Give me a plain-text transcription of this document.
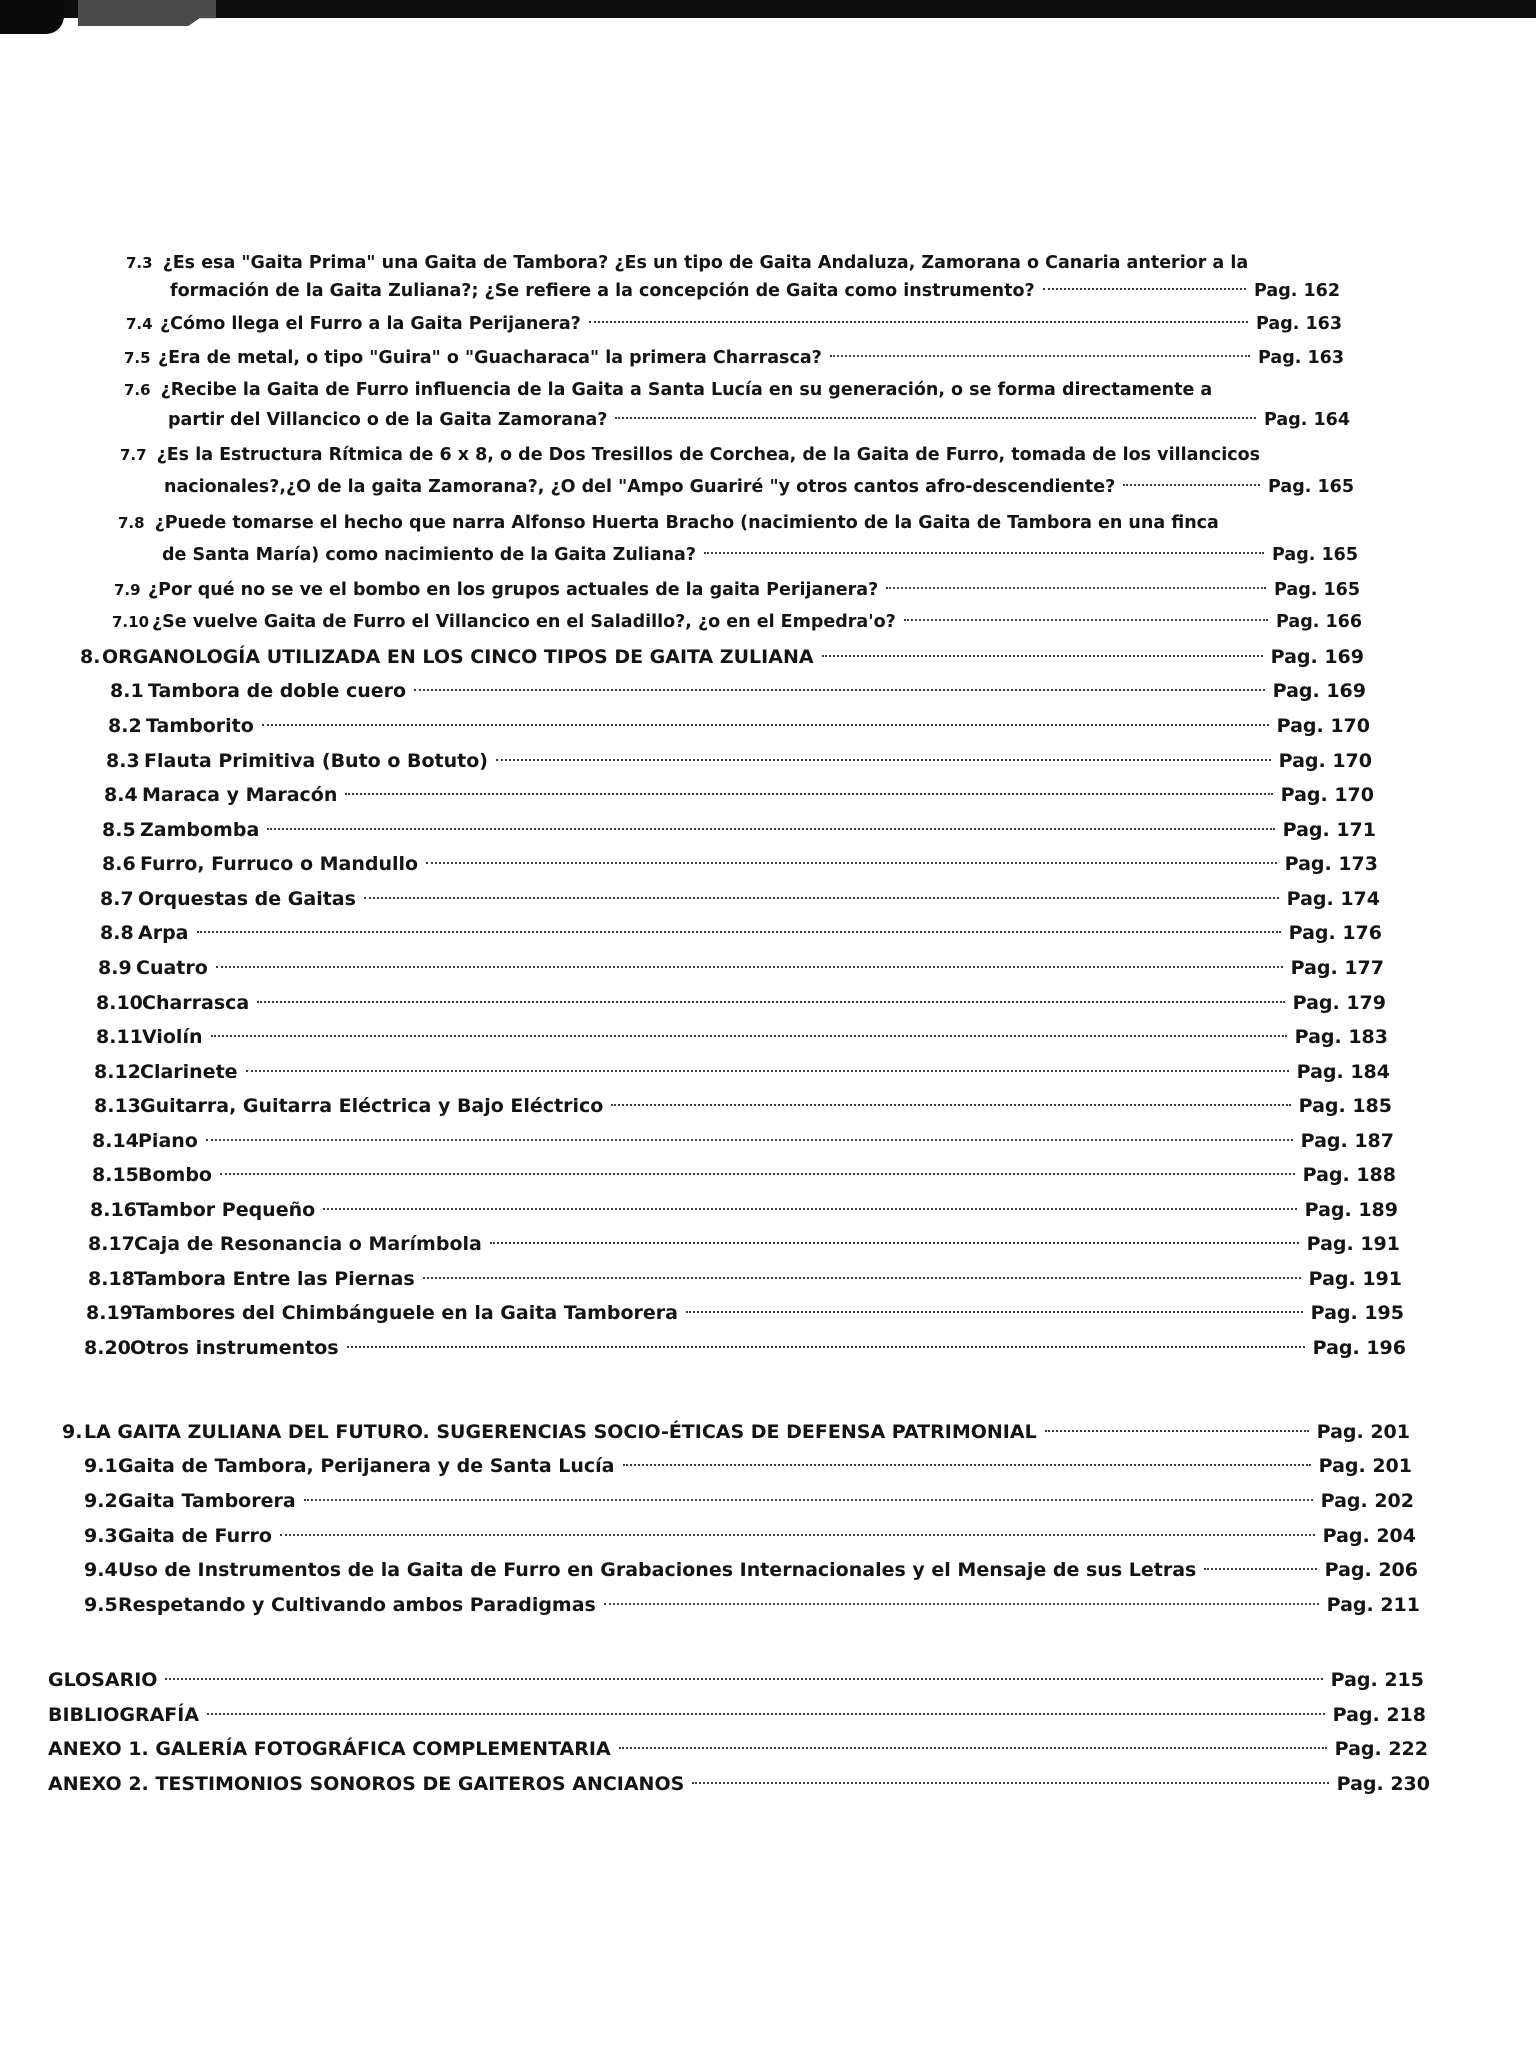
7.3 ¿Es esa "Gaita Prima" una Gaita de Tambora? ¿Es un tipo de Gaita Andaluza, Zamorana o Canaria anterior a la
formación de la Gaita Zuliana?; ¿Se refiere a la concepción de Gaita como instrumento?	Pag. 162
7.4 ¿Cómo llega el Furro a la Gaita Perijanera?	Pag. 163
7.5 ¿Era de metal, o tipo "Guira" o "Guacharaca" la primera Charrasca?	Pag. 163
7.6 ¿Recibe la Gaita de Furro influencia de la Gaita a Santa Lucía en su generación, o se forma directamente a
partir del Villancico o de la Gaita Zamorana?	Pag. 164
7.7 ¿Es la Estructura Rítmica de 6 x 8, o de Dos Tresillos de Corchea, de la Gaita de Furro, tomada de los villancicos
nacionales?,¿O de la gaita Zamorana?, ¿O del "Ampo Guariré "y otros cantos afro-descendiente?	Pag. 165
7.8 ¿Puede tomarse el hecho que narra Alfonso Huerta Bracho (nacimiento de la Gaita de Tambora en una finca
de Santa María) como nacimiento de la Gaita Zuliana?	Pag. 165
7.9 ¿Por qué no se ve el bombo en los grupos actuales de la gaita Perijanera?	Pag. 165
7.10 ¿Se vuelve Gaita de Furro el Villancico en el Saladillo?, ¿o en el Empedra'o?	Pag. 166
8. ORGANOLOGÍA UTILIZADA EN LOS CINCO TIPOS DE GAITA ZULIANA	Pag. 169
8.1 Tambora de doble cuero	Pag. 169
8.2 Tamborito	Pag. 170
8.3 Flauta Primitiva (Buto o Botuto)	Pag. 170
8.4 Maraca y Maracón	Pag. 170
8.5 Zambomba	Pag. 171
8.6 Furro, Furruco o Mandullo	Pag. 173
8.7 Orquestas de Gaitas	Pag. 174
8.8 Arpa	Pag. 176
8.9 Cuatro	Pag. 177
8.10 Charrasca	Pag. 179
8.11 Violín	Pag. 183
8.12 Clarinete	Pag. 184
8.13 Guitarra, Guitarra Eléctrica y Bajo Eléctrico	Pag. 185
8.14 Piano	Pag. 187
8.15 Bombo	Pag. 188
8.16 Tambor Pequeño	Pag. 189
8.17 Caja de Resonancia o Marímbola	Pag. 191
8.18 Tambora Entre las Piernas	Pag. 191
8.19 Tambores del Chimbánguele en la Gaita Tamborera	Pag. 195
8.20 Otros instrumentos	Pag. 196
9. LA GAITA ZULIANA DEL FUTURO. SUGERENCIAS SOCIO-ÉTICAS DE DEFENSA PATRIMONIAL	Pag. 201
9.1 Gaita de Tambora, Perijanera y de Santa Lucía	Pag. 201
9.2 Gaita Tamborera	Pag. 202
9.3 Gaita de Furro	Pag. 204
9.4 Uso de Instrumentos de la Gaita de Furro en Grabaciones Internacionales y el Mensaje de sus Letras	Pag. 206
9.5 Respetando y Cultivando ambos Paradigmas	Pag. 211
GLOSARIO	Pag. 215
BIBLIOGRAFÍA	Pag. 218
ANEXO 1. GALERÍA FOTOGRÁFICA COMPLEMENTARIA	Pag. 222
ANEXO 2. TESTIMONIOS SONOROS DE GAITEROS ANCIANOS	Pag. 230
